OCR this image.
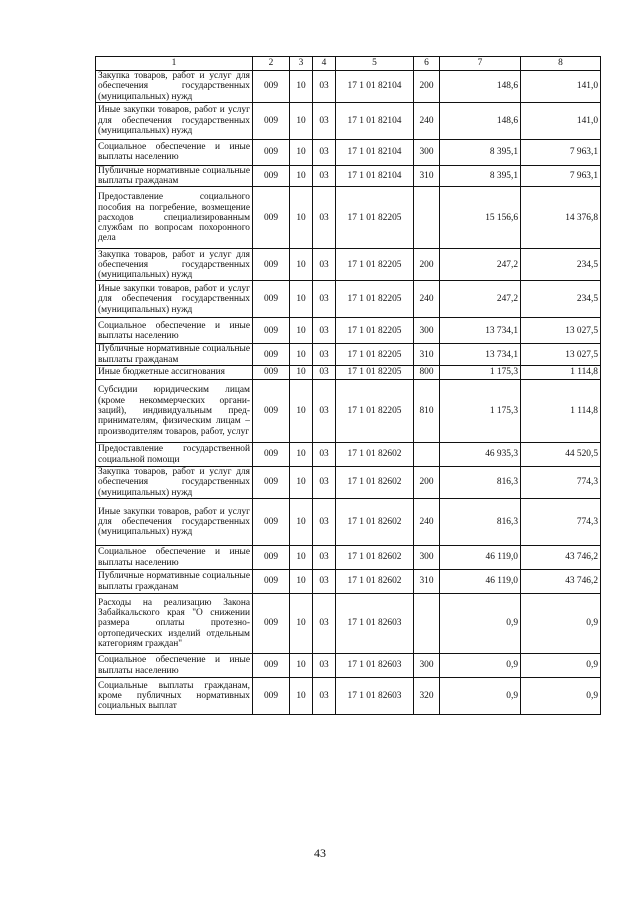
1	2	3	4	5	6	7	8
Закупка товаров, работ и услуг для обеспечения государственных (муниципальных) нужд	009	10	03	17 1 01 82104	200	148,6	141,0
Иные закупки товаров, работ и услуг для обеспечения государственных (муниципальных) нужд	009	10	03	17 1 01 82104	240	148,6	141,0
Социальное обеспечение и иные выплаты населению	009	10	03	17 1 01 82104	300	8 395,1	7 963,1
Публичные нормативные социальные выплаты гражданам	009	10	03	17 1 01 82104	310	8 395,1	7 963,1
Предоставление социального пособия на погребение, возмещение расходов специализированным службам по вопросам похоронного дела	009	10	03	17 1 01 82205		15 156,6	14 376,8
Закупка товаров, работ и услуг для обеспечения государственных (муниципальных) нужд	009	10	03	17 1 01 82205	200	247,2	234,5
Иные закупки товаров, работ и услуг для обеспечения государственных (муниципальных) нужд	009	10	03	17 1 01 82205	240	247,2	234,5
Социальное обеспечение и иные выплаты населению	009	10	03	17 1 01 82205	300	13 734,1	13 027,5
Публичные нормативные социальные выплаты гражданам	009	10	03	17 1 01 82205	310	13 734,1	13 027,5
Иные бюджетные ассигнования	009	10	03	17 1 01 82205	800	1 175,3	1 114,8
Субсидии юридическим лицам (кроме некоммерческих организаций), индивидуальным предпринимателям, физическим лицам – производителям товаров, работ, услуг	009	10	03	17 1 01 82205	810	1 175,3	1 114,8
Предоставление государственной социальной помощи	009	10	03	17 1 01 82602		46 935,3	44 520,5
Закупка товаров, работ и услуг для обеспечения государственных (муниципальных) нужд	009	10	03	17 1 01 82602	200	816,3	774,3
Иные закупки товаров, работ и услуг для обеспечения государственных (муниципальных) нужд	009	10	03	17 1 01 82602	240	816,3	774,3
Социальное обеспечение и иные выплаты населению	009	10	03	17 1 01 82602	300	46 119,0	43 746,2
Публичные нормативные социальные выплаты гражданам	009	10	03	17 1 01 82602	310	46 119,0	43 746,2
Расходы на реализацию Закона Забайкальского края "О снижении размера оплаты протезно-ортопедических изделий отдельным категориям граждан"	009	10	03	17 1 01 82603		0,9	0,9
Социальное обеспечение и иные выплаты населению	009	10	03	17 1 01 82603	300	0,9	0,9
Социальные выплаты гражданам, кроме публичных нормативных социальных выплат	009	10	03	17 1 01 82603	320	0,9	0,9
43
